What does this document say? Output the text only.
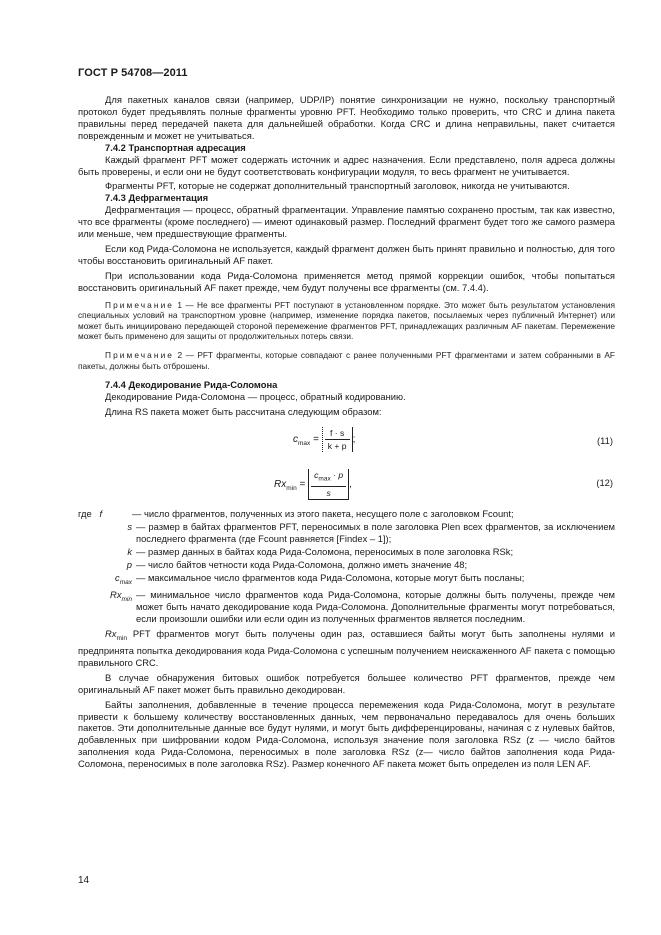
ГОСТ Р 54708—2011

Для пакетных каналов связи (например, UDP/IP) понятие синхронизации не нужно, поскольку транспортный протокол будет предъявлять полные фрагменты уровню PFT. Необходимо только проверить, что CRC и длина пакета правильны перед передачей пакета для дальнейшей обработки. Когда CRC и длина неправильны, пакет считается поврежденным и может не учитываться.

7.4.2 Транспортная адресация

Каждый фрагмент PFT может содержать источник и адрес назначения. Если представлено, поля адреса должны быть проверены, и если они не будут соответствовать конфигурации модуля, то весь фрагмент не учитывается.

Фрагменты PFT, которые не содержат дополнительный транспортный заголовок, никогда не учитываются.

7.4.3 Дефрагментация

Дефрагментация — процесс, обратный фрагментации. Управление памятью сохранено простым, так как известно, что все фрагменты (кроме последнего) — имеют одинаковый размер. Последний фрагмент будет того же самого размера или меньше, чем предшествующие фрагменты.

Если код Рида-Соломона не используется, каждый фрагмент должен быть принят правильно и полностью, для того чтобы восстановить оригинальный AF пакет.

При использовании кода Рида-Соломона применяется метод прямой коррекции ошибок, чтобы попытаться восстановить оригинальный AF пакет прежде, чем будут получены все фрагменты (см. 7.4.4).

Примечание 1 — Не все фрагменты PFT поступают в установленном порядке. Это может быть результатом установления специальных условий на транспортном уровне (например, изменение порядка пакетов, посылаемых через публичный Интернет) или может быть инициировано передающей стороной перемежение фрагментов PFT, принадлежащих различным AF пакетам. Перемежение может быть применено для защиты от продолжительных потерь связи.

Примечание 2 — PFT фрагменты, которые совпадают с ранее полученными PFT фрагментами и затем собранными в AF пакеты, должны быть отброшены.

7.4.4 Декодирование Рида-Соломона

Декодирование Рида-Соломона — процесс, обратный кодированию.

Длина RS пакета может быть рассчитана следующим образом:

$c_{max} = \frac{f \cdot s}{k + p}$ ;	(11)
$Rx_{min} = \frac{c_{max} \cdot p}{s}$ ,	(12)
где f	— число фрагментов, полученных из этого пакета, несущего поле с заголовком Fcount;
s — размер в байтах фрагментов PFT, переносимых в поле заголовка Plen всех фрагментов, за исключением последнего фрагмента (где Fcount равняется [Findex – 1]);
k — размер данных в байтах кода Рида-Соломона, переносимых в поле заголовка RSk;
p — число байтов четности кода Рида-Соломона, должно иметь значение 48;
$c_{max}$ — максимальное число фрагментов кода Рида-Соломона, которые могут быть посланы;
$Rx_{min}$ — минимальное число фрагментов кода Рида-Соломона, которые должны быть получены, прежде чем может быть начато декодирование кода Рида-Соломона. Дополнительные фрагменты могут потребоваться, если произошли ошибки или если один из полученных фрагментов является последним.

$Rx_{min}$ PFT фрагментов могут быть получены один раз, оставшиеся байты могут быть заполнены нулями и предпринята попытка декодирования кода Рида-Соломона с успешным получением неискаженного AF пакета с помощью правильного CRC.

В случае обнаружения битовых ошибок потребуется большее количество PFT фрагментов, прежде чем оригинальный AF пакет может быть правильно декодирован.

Байты заполнения, добавленные в течение процесса перемежения кода Рида-Соломона, могут в результате привести к большему количеству восстановленных данных, чем первоначально передавалось для очень больших пакетов. Эти дополнительные данные все будут нулями, и могут быть дифференцированы, начиная с z нулевых байтов, добавленных при шифровании кодом Рида-Соломона, используя значение поля заголовка RSz (z — число байтов заполнения кода Рида-Соломона, переносимых в поле заголовка RSz (z— число байтов заполнения кода Рида-Соломона, переносимых в поле заголовка RSz). Размер конечного AF пакета может быть определен из поля LEN AF.

14
